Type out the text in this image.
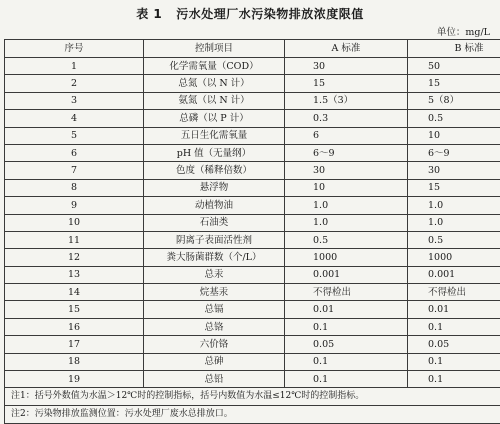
表 1 污水处理厂水污染物排放浓度限值
单位：mg/L
序号	控制项目	A 标准	B 标准
1	化学需氧量（COD）	30	50
2	总氮（以 N 计）	15	15
3	氨氮（以 N 计）	1.5（3）	5（8）
4	总磷（以 P 计）	0.3	0.5
5	五日生化需氧量	6	10
6	pH 值（无量纲）	6～9	6～9
7	色度（稀释倍数）	30	30
8	悬浮物	10	15
9	动植物油	1.0	1.0
10	石油类	1.0	1.0
11	阴离子表面活性剂	0.5	0.5
12	粪大肠菌群数（个/L）	1000	1000
13	总汞	0.001	0.001
14	烷基汞	不得检出	不得检出
15	总镉	0.01	0.01
16	总铬	0.1	0.1
17	六价铬	0.05	0.05
18	总砷	0.1	0.1
19	总铅	0.1	0.1
注1：括号外数值为水温＞12℃时的控制指标，括号内数值为水温≤12℃时的控制指标。			
注2：污染物排放监测位置：污水处理厂废水总排放口。			
